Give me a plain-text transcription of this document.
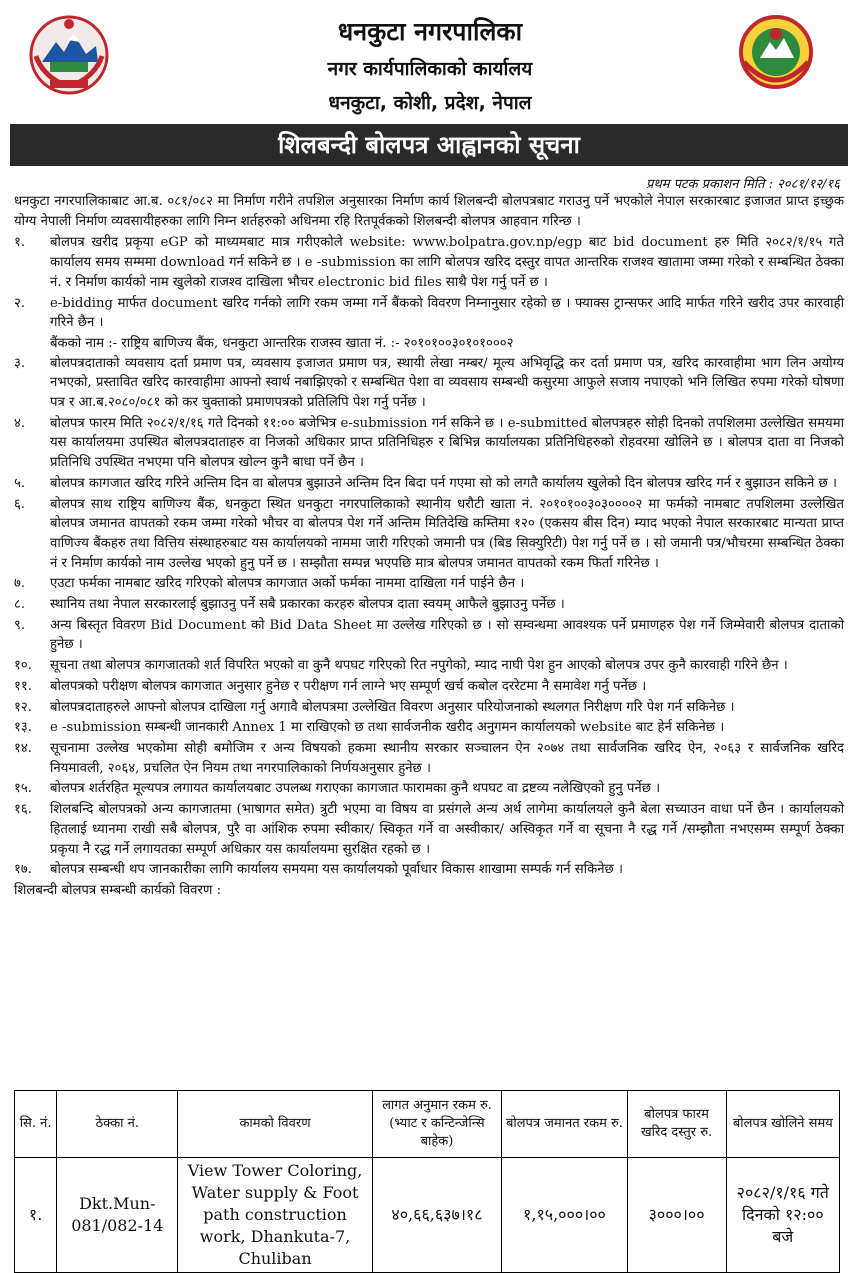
धनकुटा नगरपालिका
नगर कार्यपालिकाको कार्यालय
धनकुटा, कोशी, प्रदेश, नेपाल
शिलबन्दी बोलपत्र आह्वानको सूचना
प्रथम पटक प्रकाशन मिति : २०८१/१२/१६

धनकुटा नगरपालिकाबाट आ.ब. ०८१/०८२ मा निर्माण गरीने तपशिल अनुसारका निर्माण कार्य शिलबन्दी बोलपत्रबाट गराउनु पर्ने भएकोले नेपाल सरकारबाट इजाजत प्राप्त इच्छुक योग्य नेपाली निर्माण व्यवसायीहरुका लागि निम्न शर्तहरुको अधिनमा रहि रितपूर्वकको शिलबन्दी बोलपत्र आहवान गरिन्छ ।

१.	बोलपत्र खरीद प्रकृया eGP को माध्यमबाट मात्र गरीएकोले website: www.bolpatra.gov.np/egp बाट bid document हरु मिति २०८२/१/१५ गते कार्यालय समय सम्ममा download गर्न सकिने छ । e -submission का लागि बोलपत्र खरिद दस्तुर वापत आन्तरिक राजश्व खातामा जम्मा गरेको र सम्बन्धित ठेक्का नं. र निर्माण कार्यको नाम खुलेको राजश्व दाखिला भौचर electronic bid files साथै पेश गर्नु पर्ने छ ।
२.	e-bidding मार्फत document खरिद गर्नको लागि रकम जम्मा गर्ने बैंकको विवरण निम्नानुसार रहेको छ । फ्याक्स ट्रान्सफर आदि मार्फत गरिने खरीद उपर कारवाही गरिने छैन ।
बैंकको नाम :- राष्ट्रिय बाणिज्य बैंक, धनकुटा आन्तरिक राजस्व खाता नं. :- २०१०१००३०१०१०००२
३.	बोलपत्रदाताको व्यवसाय दर्ता प्रमाण पत्र, व्यवसाय इजाजत प्रमाण पत्र, स्थायी लेखा नम्बर/ मूल्य अभिवृद्धि कर दर्ता प्रमाण पत्र, खरिद कारवाहीमा भाग लिन अयोग्य नभएको, प्रस्तावित खरिद कारवाहीमा आफ्नो स्वार्थ नबाझिएको र सम्बन्धित पेशा वा व्यवसाय सम्बन्धी कसुरमा आफुले सजाय नपाएको भनि लिखित रुपमा गरेको घोषणा पत्र र आ.ब.२०८०/०८१ को कर चुक्ताको प्रमाणपत्रको प्रतिलिपि पेश गर्नु पर्नेछ ।
४.	बोलपत्र फारम मिति २०८२/१/१६ गते दिनको ११:०० बजेभित्र e-submission गर्न सकिने छ । e-submitted बोलपत्रहरु सोही दिनको तपशिलमा उल्लेखित समयमा यस कार्यालयमा उपस्थित बोलपत्रदाताहरु वा निजको अधिकार प्राप्त प्रतिनिधिहरु र बिभिन्न कार्यालयका प्रतिनिधिहरुको रोहवरमा खोलिने छ । बोलपत्र दाता वा निजको प्रतिनिधि उपस्थित नभएमा पनि बोलपत्र खोल्न कुनै बाधा पर्ने छैन ।
५.	बोलपत्र कागजात खरिद गरिने अन्तिम दिन वा बोलपत्र बुझाउने अन्तिम दिन बिदा पर्न गएमा सो को लगतै कार्यालय खुलेको दिन बोलपत्र खरिद गर्न र बुझाउन सकिने छ ।
६.	बोलपत्र साथ राष्ट्रिय बाणिज्य बैंक, धनकुटा स्थित धनकुटा नगरपालिकाको स्थानीय धरौटी खाता नं. २०१०१००३०३००००२ मा फर्मको नामबाट तपशिलमा उल्लेखित बोलपत्र जमानत वापतको रकम जम्मा गरेको भौचर वा बोलपत्र पेश गर्ने अन्तिम मितिदेखि कम्तिमा १२० (एकसय बीस दिन) म्याद भएको नेपाल सरकारबाट मान्यता प्राप्त वाणिज्य बैंकहरु तथा वित्तिय संस्थाहरुबाट यस कार्यालयको नाममा जारी गरिएको जमानी पत्र (बिड सिक्युरिटी) पेश गर्नु पर्ने छ । सो जमानी पत्र/भौचरमा सम्बन्धित ठेक्का नं र निर्माण कार्यको नाम उल्लेख भएको हुनु पर्ने छ । सम्झौता सम्पन्न भएपछि मात्र बोलपत्र जमानत वापतको रकम फिर्ता गरिनेछ ।
७.	एउटा फर्मका नामबाट खरिद गरिएको बोलपत्र कागजात अर्को फर्मका नाममा दाखिला गर्न पाईने छैन ।
८.	स्थानिय तथा नेपाल सरकारलाई बुझाउनु पर्ने सबै प्रकारका करहरु बोलपत्र दाता स्वयम् आफैले बुझाउनु पर्नेछ ।
९.	अन्य बिस्तृत विवरण Bid Document को Bid Data Sheet मा उल्लेख गरिएको छ । सो सम्वन्धमा आवश्यक पर्ने प्रमाणहरु पेश गर्ने जिम्मेवारी बोलपत्र दाताको हुनेछ ।
१०.	सूचना तथा बोलपत्र कागजातको शर्त विपरित भएको वा कुनै थपघट गरिएको रित नपुगेको, म्याद नाघी पेश हुन आएको बोलपत्र उपर कुनै कारवाही गरिने छैन ।
११.	बोलपत्रको परीक्षण बोलपत्र कागजात अनुसार हुनेछ र परीक्षण गर्न लाग्ने भए सम्पूर्ण खर्च कबोल दररेटमा नै समावेश गर्नु पर्नेछ ।
१२.	बोलपत्रदाताहरुले आफ्नो बोलपत्र दाखिला गर्नु अगावै बोलपत्रमा उल्लेखित विवरण अनुसार परियोजनाको स्थलगत निरीक्षण गरि पेश गर्न सकिनेछ ।
१३.	e -submission सम्बन्धी जानकारी Annex 1 मा राखिएको छ तथा सार्वजनीक खरीद अनुगमन कार्यालयको website बाट हेर्न सकिनेछ ।
१४.	सूचनामा उल्लेख भएकोमा सोही बमोजिम र अन्य विषयको हकमा स्थानीय सरकार सञ्चालन ऐन २०७४ तथा सार्वजनिक खरिद ऐन, २०६३ र सार्वजनिक खरिद नियमावली, २०६४, प्रचलित ऐन नियम तथा नगरपालिकाको निर्णयअनुसार हुनेछ ।
१५.	बोलपत्र शर्तरहित मूल्यपत्र लगायत कार्यालयबाट उपलब्ध गराएका कागजात फारामका कुनै थपघट वा द्रष्टव्य नलेखिएको हुनु पर्नेछ ।
१६.	शिलबन्दि बोलपत्रको अन्य कागजातमा (भाषागत समेत) त्रुटी भएमा वा विषय वा प्रसंगले अन्य अर्थ लागेमा कार्यालयले कुनै बेला सच्याउन वाधा पर्ने छैन । कार्यालयको हितलाई ध्यानमा राखी सबै बोलपत्र, पुरै वा आंशिक रुपमा स्वीकार/ स्विकृत गर्ने वा अस्वीकार/ अस्विकृत गर्ने वा सूचना नै रद्ध गर्ने /सम्झौता नभएसम्म सम्पूर्ण ठेक्का प्रकृया नै रद्ध गर्ने लगायतका सम्पूर्ण अधिकार यस कार्यालयमा सुरक्षित रहको छ ।
१७.	बोलपत्र सम्बन्धी थप जानकारीका लागि कार्यालय समयमा यस कार्यालयको पूर्वाधार विकास शाखामा सम्पर्क गर्न सकिनेछ ।
शिलबन्दी बोलपत्र सम्बन्धी कार्यको विवरण :
सि. नं.	ठेक्का नं.	कामको विवरण	लागत अनुमान रकम रु. (भ्याट र कन्टिन्जेन्सि बाहेक)	बोलपत्र जमानत रकम रु.	बोलपत्र फारम खरिद दस्तुर रु.	बोलपत्र खोलिने समय
१.	Dkt.Mun-081/082-14	View Tower Coloring, Water supply & Foot path construction work, Dhankuta-7, Chuliban	४०,६६,६३७।१८	१,१५,०००।००	३०००।००	२०८२/१/१६ गते दिनको १२:०० बजे
